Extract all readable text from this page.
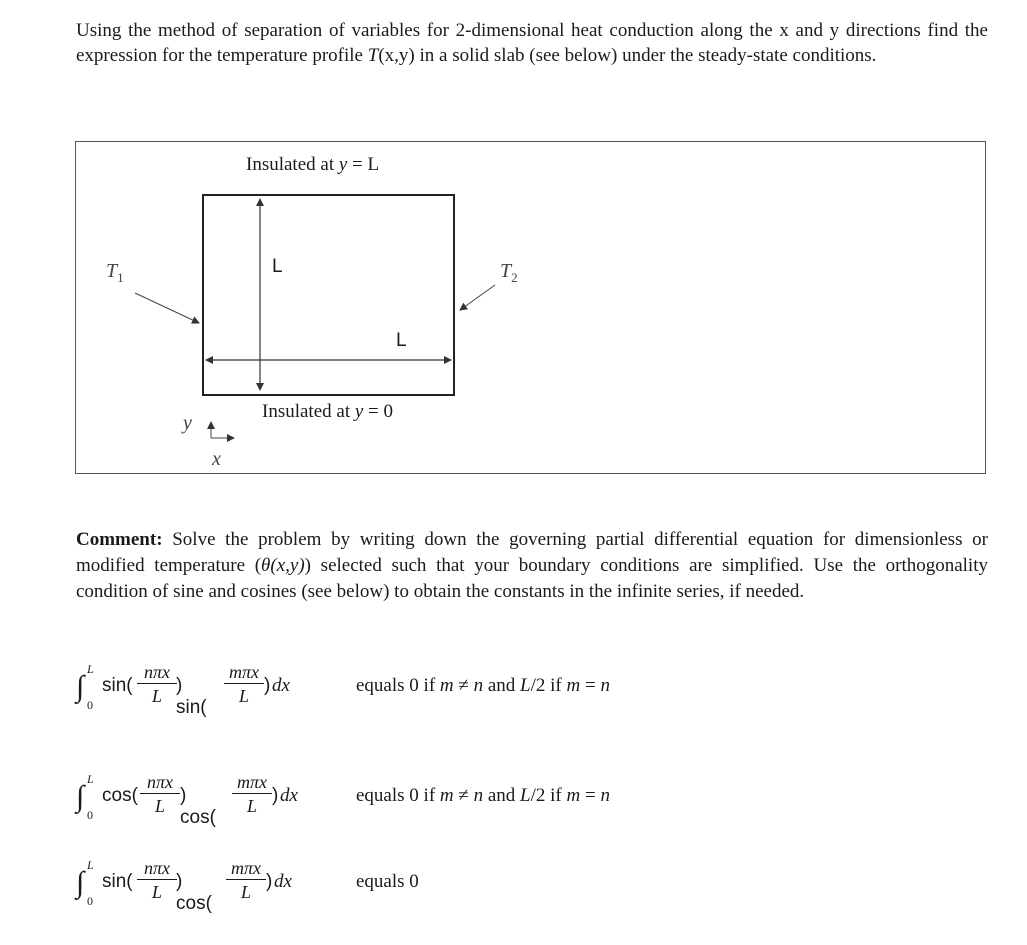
Using the method of separation of variables for 2-dimensional heat conduction along the x and y directions find the expression for the temperature profile T(x,y) in a solid slab (see below) under the steady-state conditions.
Insulated at y = L
Insulated at y = 0
L
L
$T_1$	$T_2$
y
x
Comment: Solve the problem by writing down the governing partial differential equation for dimensionless or modified temperature (θ(x,y)) selected such that your boundary conditions are simplified. Use the orthogonality condition of sine and cosines (see below) to obtain the constants in the infinite series, if needed.
∫
L
0
sin(
nπx
L ) sin(
mπx
L ) dx	equals 0 if m ≠ n and L/2 if m = n
∫
L
0
cos(
nπx
L ) cos(
mπx
L ) dx	equals 0 if m ≠ n and L/2 if m = n
∫
L
0
sin(
nπx
L ) cos(
mπx
L ) dx	equals 0
